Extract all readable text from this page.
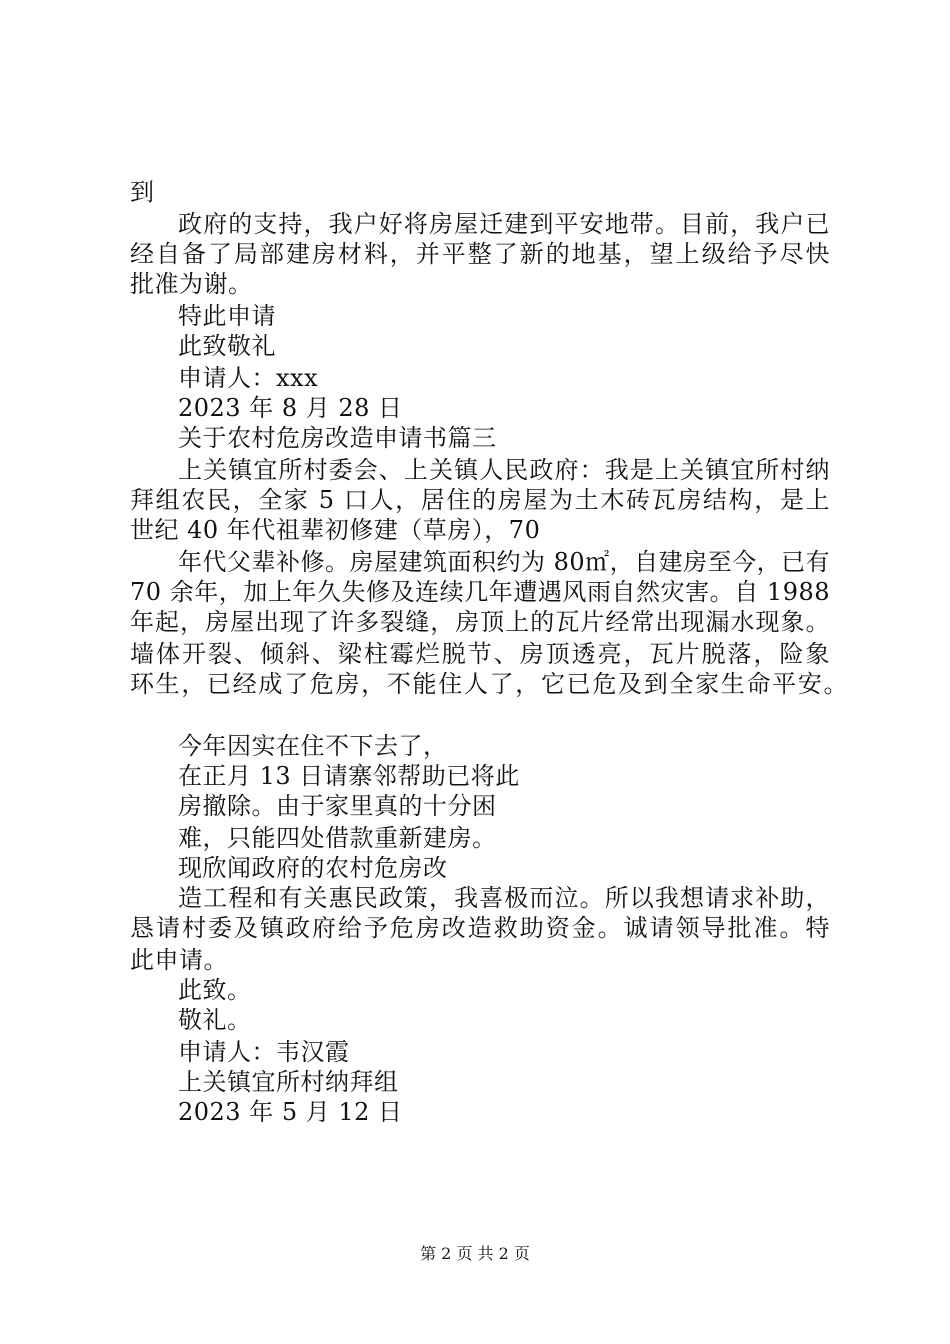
到
政府的支持，我户好将房屋迁建到平安地带。目前，我户已
经自备了局部建房材料，并平整了新的地基，望上级给予尽快
批准为谢。
特此申请
此致敬礼
申请人：xxx
2023 年 8 月 28 日
关于农村危房改造申请书篇三
上关镇宜所村委会、上关镇人民政府：我是上关镇宜所村纳
拜组农民，全家 5 口人，居住的房屋为土木砖瓦房结构，是上
世纪 40 年代祖辈初修建（草房），70
年代父辈补修。房屋建筑面积约为 80㎡，自建房至今，已有
70 余年，加上年久失修及连续几年遭遇风雨自然灾害。自 1988
年起，房屋出现了许多裂缝，房顶上的瓦片经常出现漏水现象。
墙体开裂、倾斜、梁柱霉烂脱节、房顶透亮，瓦片脱落，险象
环生，已经成了危房，不能住人了，它已危及到全家生命平安。
今年因实在住不下去了，
在正月 13 日请寨邻帮助已将此
房撤除。由于家里真的十分困
难，只能四处借款重新建房。
现欣闻政府的农村危房改
造工程和有关惠民政策，我喜极而泣。所以我想请求补助，
恳请村委及镇政府给予危房改造救助资金。诚请领导批准。特
此申请。
此致。
敬礼。
申请人：韦汉霞
上关镇宜所村纳拜组
2023 年 5 月 12 日
第 2 页 共 2 页
